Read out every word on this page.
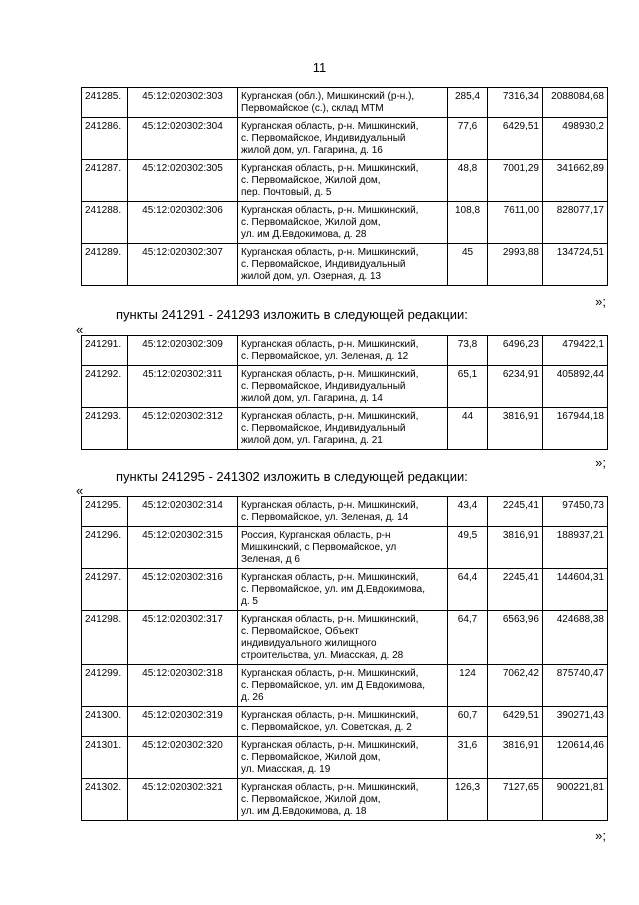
11
241285.	45:12:020302:303	Курганская (обл.), Мишкинский (р-н.),
Первомайское (с.), склад МТМ	285,4	7316,34	2088084,68
241286.	45:12:020302:304	Курганская область, р-н. Мишкинский,
с. Первомайское, Индивидуальный
жилой дом, ул. Гагарина, д. 16	77,6	6429,51	498930,2
241287.	45:12:020302:305	Курганская область, р-н. Мишкинский,
с. Первомайское, Жилой дом,
пер. Почтовый, д. 5	48,8	7001,29	341662,89
241288.	45:12:020302:306	Курганская область, р-н. Мишкинский,
с. Первомайское, Жилой дом,
ул. им Д.Евдокимова, д. 28	108,8	7611,00	828077,17
241289.	45:12:020302:307	Курганская область, р-н. Мишкинский,
с. Первомайское, Индивидуальный
жилой дом, ул. Озерная, д. 13	45	2993,88	134724,51
»;
пункты 241291 - 241293 изложить в следующей редакции:
«
241291.	45:12:020302:309	Курганская область, р-н. Мишкинский,
с. Первомайское, ул. Зеленая, д. 12	73,8	6496,23	479422,1
241292.	45:12:020302:311	Курганская область, р-н. Мишкинский,
с. Первомайское, Индивидуальный
жилой дом, ул. Гагарина, д. 14	65,1	6234,91	405892,44
241293.	45:12:020302:312	Курганская область, р-н. Мишкинский,
с. Первомайское, Индивидуальный
жилой дом, ул. Гагарина, д. 21	44	3816,91	167944,18
»;
пункты 241295 - 241302 изложить в следующей редакции:
«
241295.	45:12:020302:314	Курганская область, р-н. Мишкинский,
с. Первомайское, ул. Зеленая, д. 14	43,4	2245,41	97450,73
241296.	45:12:020302:315	Россия, Курганская область, р-н
Мишкинский, с Первомайское, ул
Зеленая, д 6	49,5	3816,91	188937,21
241297.	45:12:020302:316	Курганская область, р-н. Мишкинский,
с. Первомайское, ул. им Д.Евдокимова,
д. 5	64,4	2245,41	144604,31
241298.	45:12:020302:317	Курганская область, р-н. Мишкинский,
с. Первомайское, Объект
индивидуального жилищного
строительства, ул. Миасская, д. 28	64,7	6563,96	424688,38
241299.	45:12:020302:318	Курганская область, р-н. Мишкинский,
с. Первомайское, ул. им Д Евдокимова,
д. 26	124	7062,42	875740,47
241300.	45:12:020302:319	Курганская область, р-н. Мишкинский,
с. Первомайское, ул. Советская, д. 2	60,7	6429,51	390271,43
241301.	45:12:020302:320	Курганская область, р-н. Мишкинский,
с. Первомайское, Жилой дом,
ул. Миасская, д. 19	31,6	3816,91	120614,46
241302.	45:12:020302:321	Курганская область, р-н. Мишкинский,
с. Первомайское, Жилой дом,
ул. им Д.Евдокимова, д. 18	126,3	7127,65	900221,81
»;
